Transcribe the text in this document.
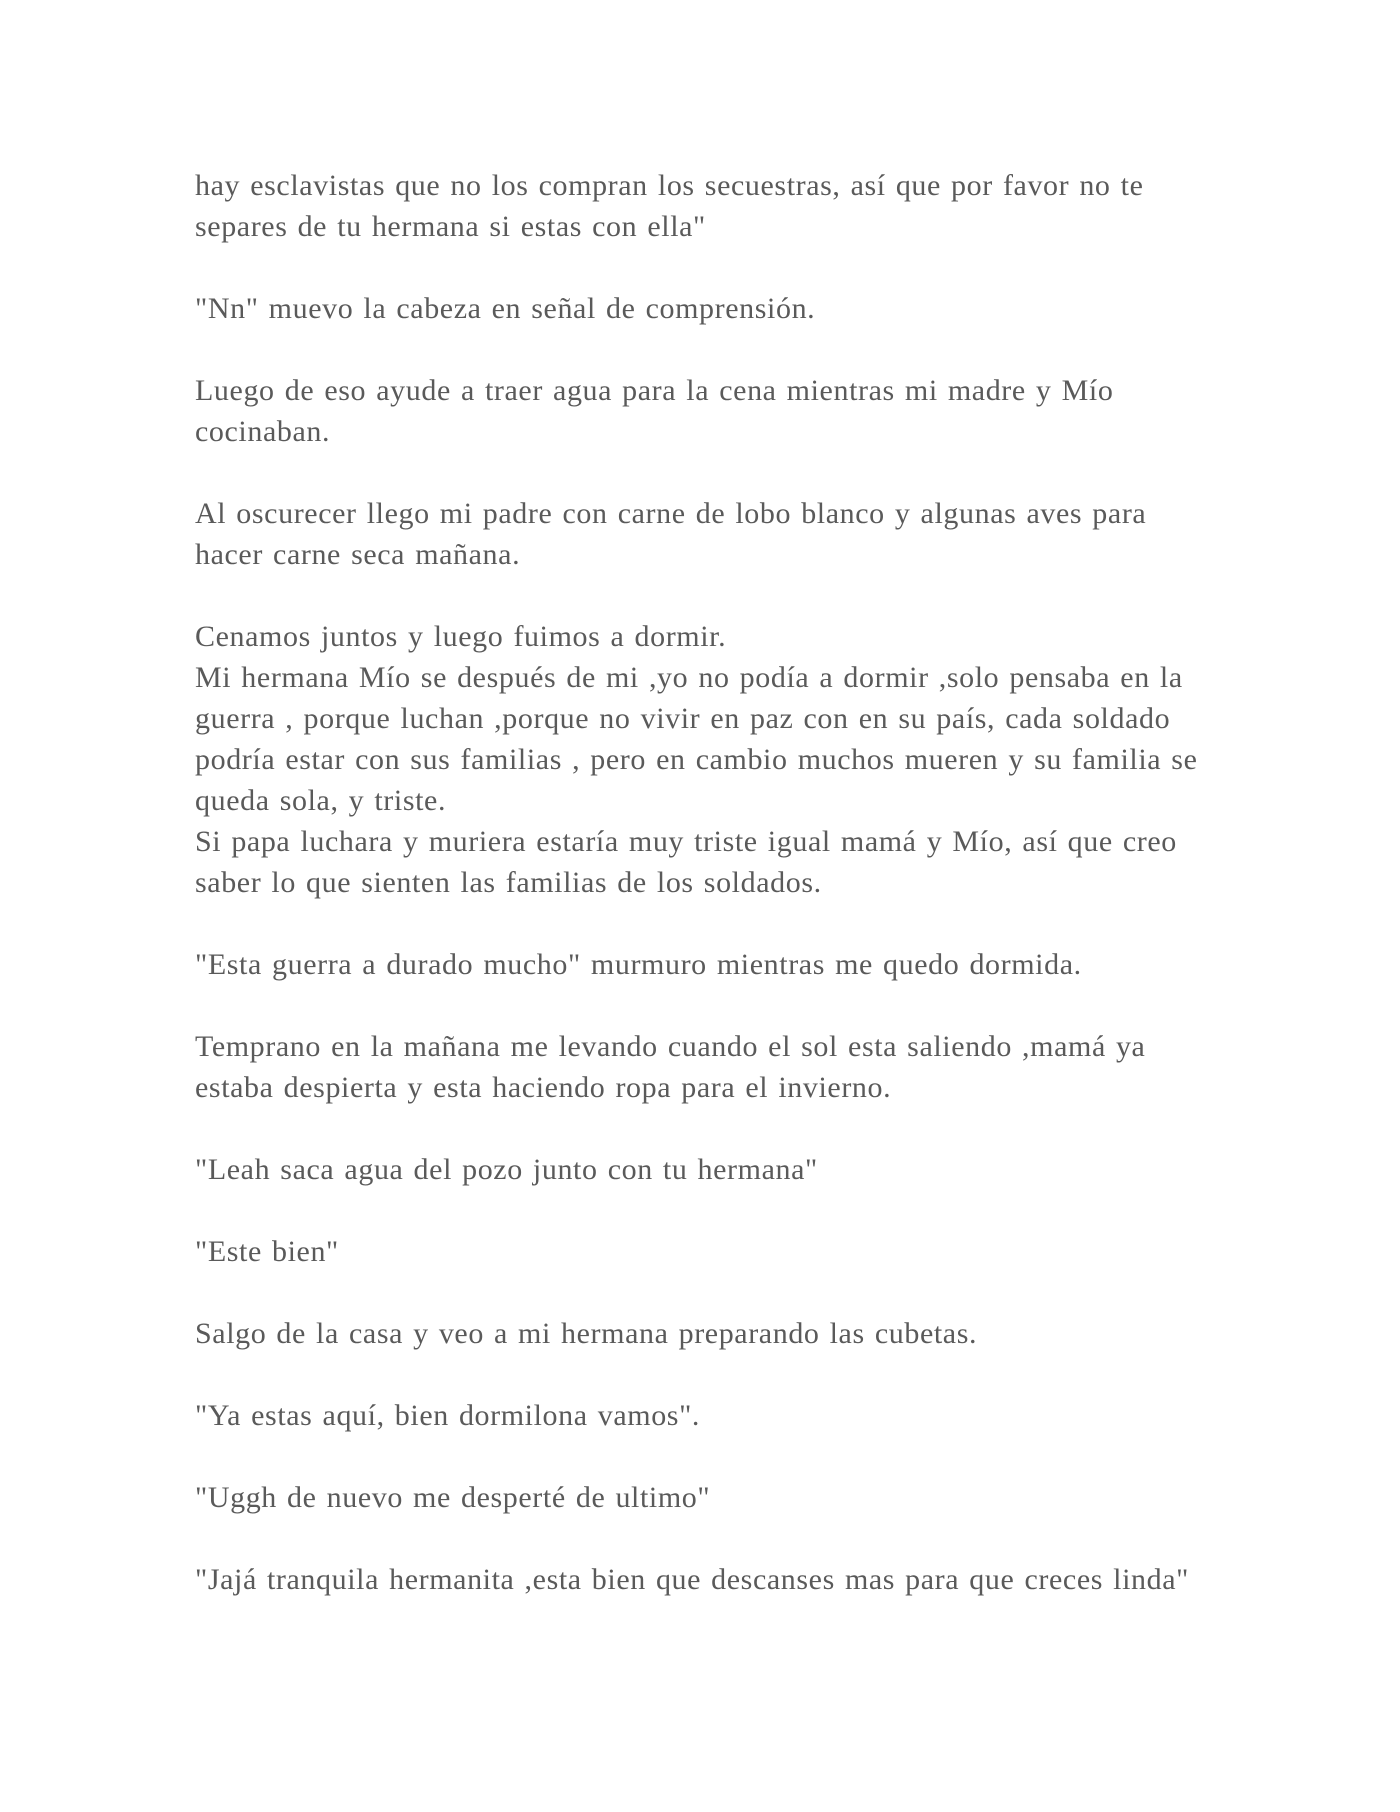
hay esclavistas que no los compran los secuestras, así que por favor no te separes de tu hermana si estas con ella"

"Nn" muevo la cabeza en señal de comprensión.

Luego de eso ayude a traer agua para la cena mientras mi madre y Mío cocinaban.

Al oscurecer llego mi padre con carne de lobo blanco y algunas aves para hacer carne seca mañana.

Cenamos juntos y luego fuimos a dormir.

Mi hermana Mío se después de mi ,yo no podía a dormir ,solo pensaba en la guerra , porque luchan ,porque no vivir en paz con en su país, cada soldado podría estar con sus familias , pero en cambio muchos mueren y su familia se queda sola, y triste.

Si papa luchara y muriera estaría muy triste igual mamá y Mío, así que creo saber lo que sienten las familias de los soldados.

"Esta guerra a durado mucho" murmuro mientras me quedo dormida.

Temprano en la mañana me levando cuando el sol esta saliendo ,mamá ya estaba despierta y esta haciendo ropa para el invierno.

"Leah saca agua del pozo junto con tu hermana"

"Este bien"

Salgo de la casa y veo a mi hermana preparando las cubetas.

"Ya estas aquí, bien dormilona vamos".

"Uggh de nuevo me desperté de ultimo"

"Jajá tranquila hermanita ,esta bien que descanses mas para que creces linda"
